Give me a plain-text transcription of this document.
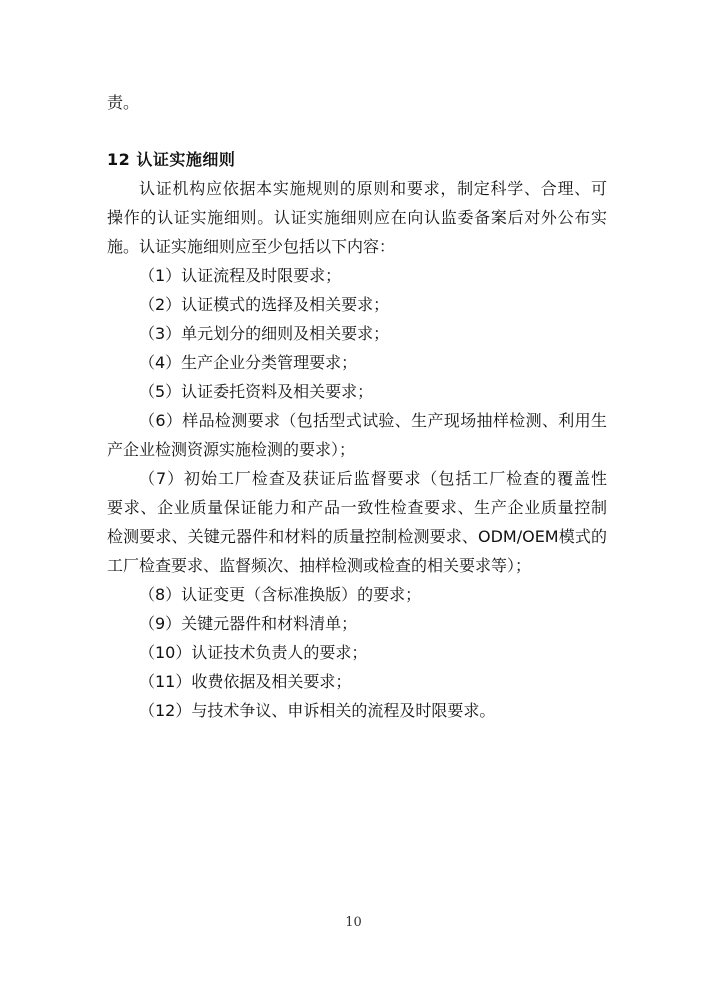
责。
12 认证实施细则
认证机构应依据本实施规则的原则和要求，制定科学、合理、可
操作的认证实施细则。认证实施细则应在向认监委备案后对外公布实
施。认证实施细则应至少包括以下内容：
（1）认证流程及时限要求；
（2）认证模式的选择及相关要求；
（3）单元划分的细则及相关要求；
（4）生产企业分类管理要求；
（5）认证委托资料及相关要求；
（6）样品检测要求（包括型式试验、生产现场抽样检测、利用生
产企业检测资源实施检测的要求）；
（7）初始工厂检查及获证后监督要求（包括工厂检查的覆盖性
要求、企业质量保证能力和产品一致性检查要求、生产企业质量控制
检测要求、关键元器件和材料的质量控制检测要求、ODM/OEM模式的
工厂检查要求、监督频次、抽样检测或检查的相关要求等）；
（8）认证变更（含标准换版）的要求；
（9）关键元器件和材料清单；
（10）认证技术负责人的要求；
（11）收费依据及相关要求；
（12）与技术争议、申诉相关的流程及时限要求。
10
